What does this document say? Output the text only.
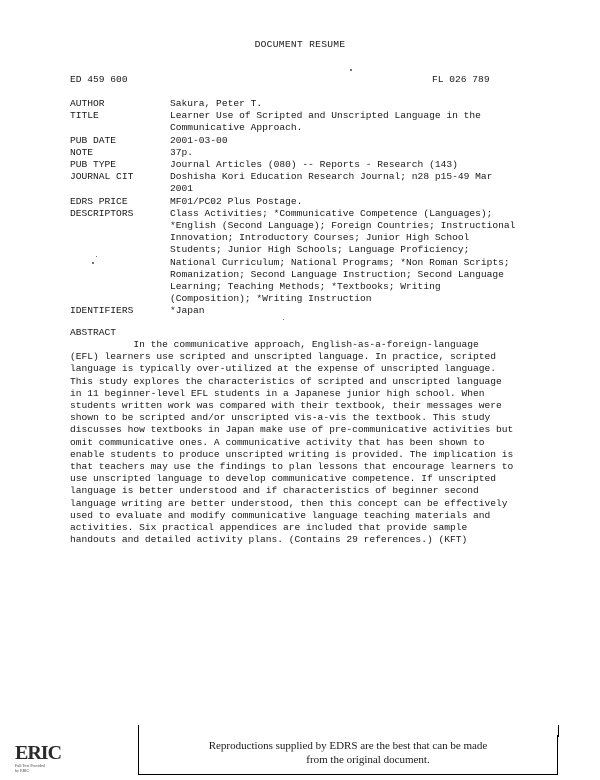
DOCUMENT RESUME
ED 459 600	FL 026 789
AUTHOR	Sakura, Peter T.
TITLE	Learner Use of Scripted and Unscripted Language in the
Communicative Approach.
PUB DATE	2001-03-00
NOTE	37p.
PUB TYPE	Journal Articles (080) -- Reports - Research (143)
JOURNAL CIT	Doshisha Kori Education Research Journal; n28 p15-49 Mar
2001
EDRS PRICE	MF01/PC02 Plus Postage.
DESCRIPTORS	Class Activities; *Communicative Competence (Languages);
*English (Second Language); Foreign Countries; Instructional
Innovation; Introductory Courses; Junior High School
Students; Junior High Schools; Language Proficiency;
National Curriculum; National Programs; *Non Roman Scripts;
Romanization; Second Language Instruction; Second Language
Learning; Teaching Methods; *Textbooks; Writing
(Composition); *Writing Instruction
IDENTIFIERS	*Japan
ABSTRACT
In the communicative approach, English-as-a-foreign-language
(EFL) learners use scripted and unscripted language. In practice, scripted
language is typically over-utilized at the expense of unscripted language.
This study explores the characteristics of scripted and unscripted language
in 11 beginner-level EFL students in a Japanese junior high school. When
students written work was compared with their textbook, their messages were
shown to be scripted and/or unscripted vis-a-vis the textbook. This study
discusses how textbooks in Japan make use of pre-communicative activities but
omit communicative ones. A communicative activity that has been shown to
enable students to produce unscripted writing is provided. The implication is
that teachers may use the findings to plan lessons that encourage learners to
use unscripted language to develop communicative competence. If unscripted
language is better understood and if characteristics of beginner second
language writing are better understood, then this concept can be effectively
used to evaluate and modify communicative language teaching materials and
activities. Six practical appendices are included that provide sample
handouts and detailed activity plans. (Contains 29 references.) (KFT)
ERIC
Full Text Provided by ERIC
Reproductions supplied by EDRS are the best that can be made
from the original document.
